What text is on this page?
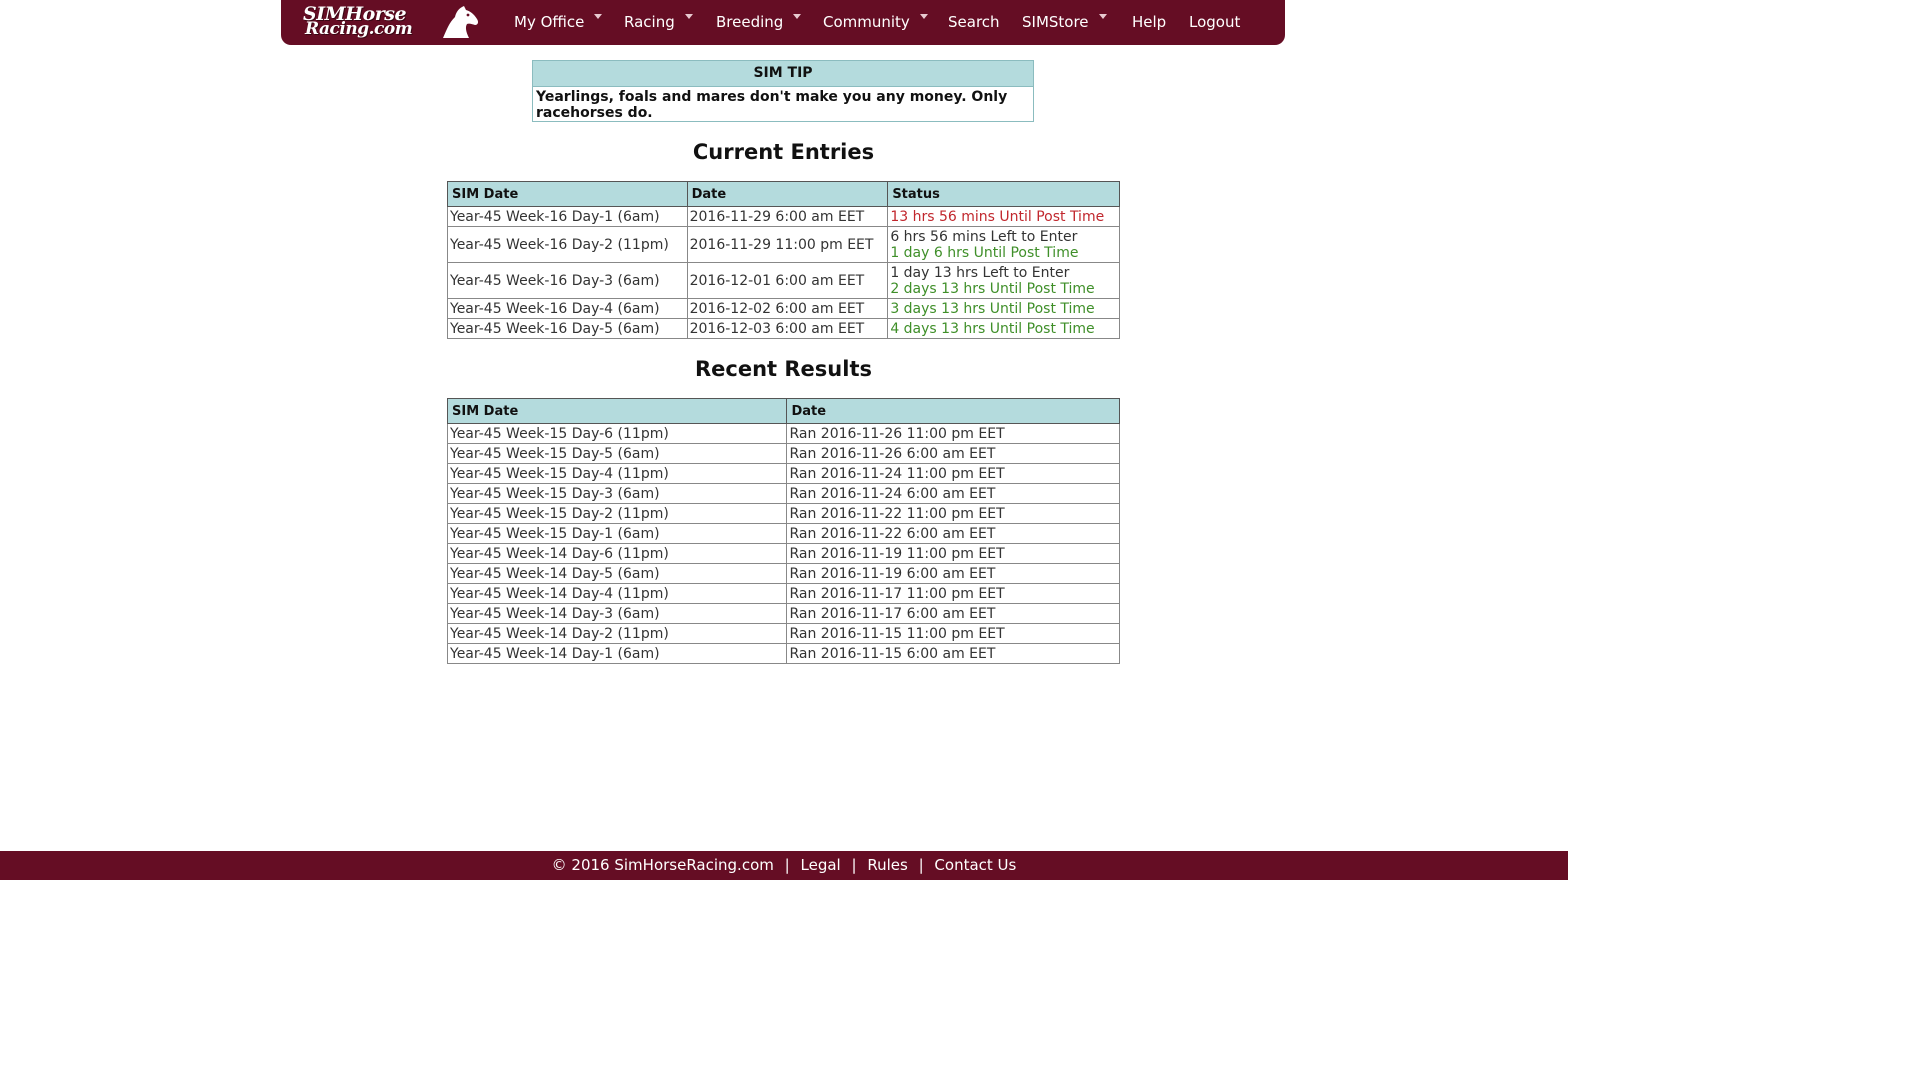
SIMHorse
Racing.com	My Office	Racing	Breeding	Community	Search SIMStore	Help Logout
SIM TIP
Yearlings, foals and mares don't make you any money. Only racehorses do.
Current Entries
SIM Date	Date	Status
Year-45 Week-16 Day-1 (6am)	2016-11-29 6:00 am EET	13 hrs 56 mins Until Post Time

Year-45 Week-16 Day-2 (11pm)	2016-11-29 11:00 pm EET	6 hrs 56 mins Left to Enter
1 day 6 hrs Until Post Time

Year-45 Week-16 Day-3 (6am)	2016-12-01 6:00 am EET	1 day 13 hrs Left to Enter
2 days 13 hrs Until Post Time

Year-45 Week-16 Day-4 (6am)	2016-12-02 6:00 am EET	3 days 13 hrs Until Post Time

Year-45 Week-16 Day-5 (6am)	2016-12-03 6:00 am EET	4 days 13 hrs Until Post Time
Recent Results
SIM Date	Date
Year-45 Week-15 Day-6 (11pm)	Ran 2016-11-26 11:00 pm EET
Year-45 Week-15 Day-5 (6am)	Ran 2016-11-26 6:00 am EET
Year-45 Week-15 Day-4 (11pm)	Ran 2016-11-24 11:00 pm EET
Year-45 Week-15 Day-3 (6am)	Ran 2016-11-24 6:00 am EET
Year-45 Week-15 Day-2 (11pm)	Ran 2016-11-22 11:00 pm EET
Year-45 Week-15 Day-1 (6am)	Ran 2016-11-22 6:00 am EET
Year-45 Week-14 Day-6 (11pm)	Ran 2016-11-19 11:00 pm EET
Year-45 Week-14 Day-5 (6am)	Ran 2016-11-19 6:00 am EET
Year-45 Week-14 Day-4 (11pm)	Ran 2016-11-17 11:00 pm EET
Year-45 Week-14 Day-3 (6am)	Ran 2016-11-17 6:00 am EET
Year-45 Week-14 Day-2 (11pm)	Ran 2016-11-15 11:00 pm EET
Year-45 Week-14 Day-1 (6am)	Ran 2016-11-15 6:00 am EET
© 2016 SimHorseRacing.com | Legal | Rules | Contact Us
